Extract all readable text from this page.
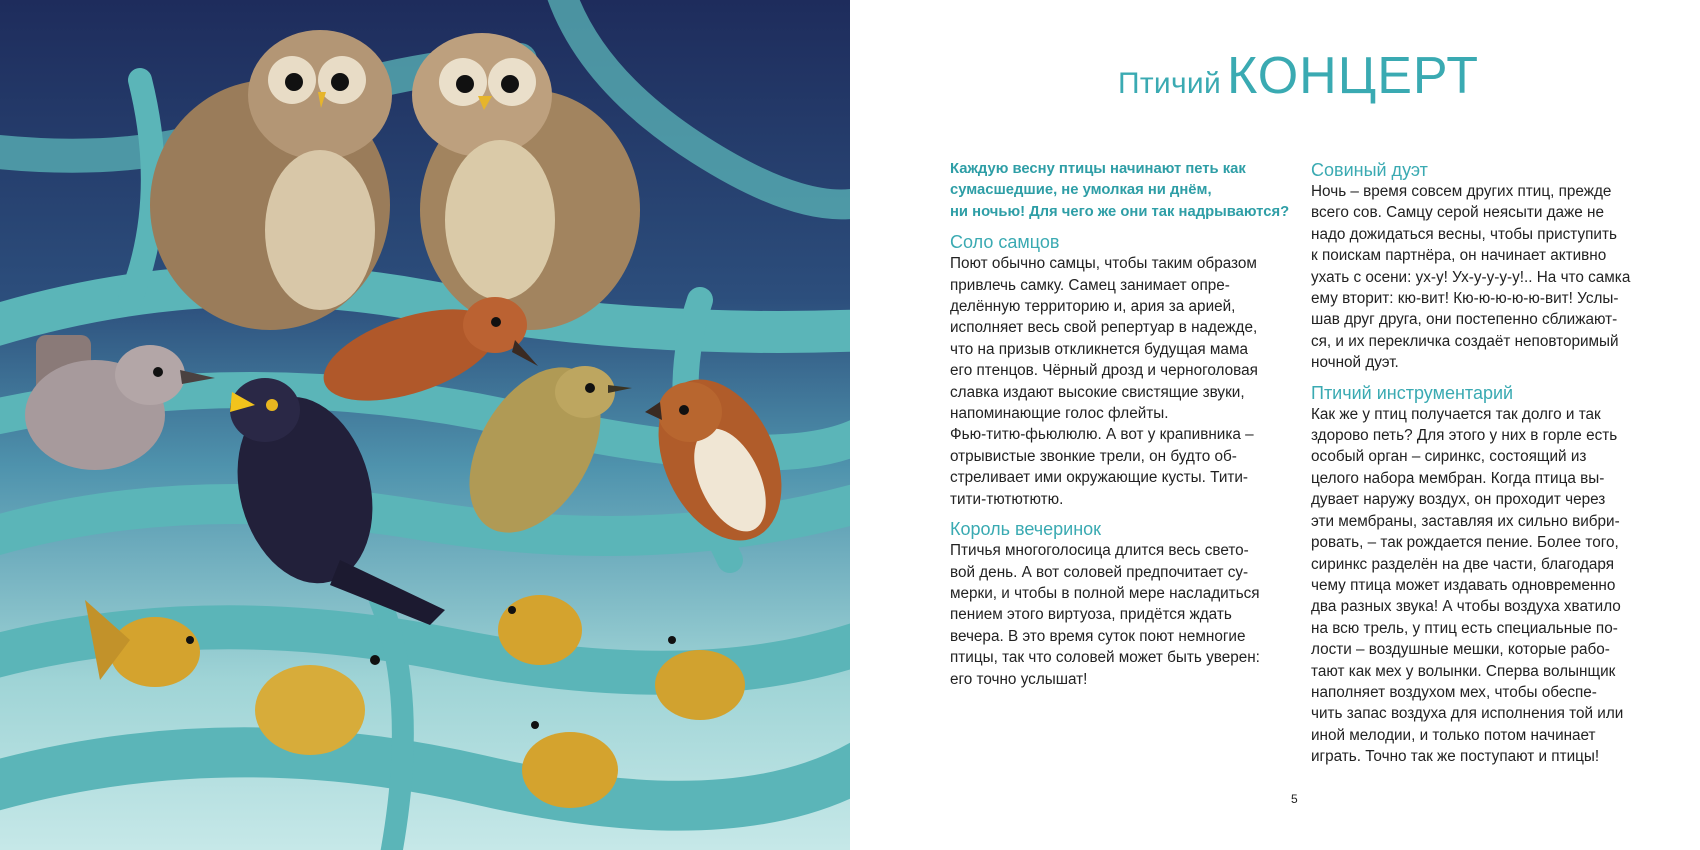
Птичий КОНЦЕРТ

Каждую весну птицы начинают петь как
сумасшедшие, не умолкая ни днём,
ни ночью! Для чего же они так надрываются?

Соло самцов

Поют обычно самцы, чтобы таким образом
привлечь самку. Самец занимает опре-
делённую территорию и, ария за арией,
исполняет весь свой репертуар в надежде,
что на призыв откликнется будущая мама
его птенцов. Чёрный дрозд и черноголовая
славка издают высокие свистящие звуки,
напоминающие голос флейты.
Фью-титю-фьюлюлю. А вот у крапивника –
отрывистые звонкие трели, он будто об-
стреливает ими окружающие кусты. Тити-
тити-тютютютю.

Король вечеринок

Птичья многоголосица длится весь свето-
вой день. А вот соловей предпочитает су-
мерки, и чтобы в полной мере насладиться
пением этого виртуоза, придётся ждать
вечера. В это время суток поют немногие
птицы, так что соловей может быть уверен:
его точно услышат!

Совиный дуэт

Ночь – время совсем других птиц, прежде
всего сов. Самцу серой неясыти даже не
надо дожидаться весны, чтобы приступить
к поискам партнёра, он начинает активно
ухать с осени: ух-у! Ух-у-у-у-у!.. На что самка
ему вторит: кю-вит! Кю-ю-ю-ю-ю-вит! Услы-
шав друг друга, они постепенно сближают-
ся, и их перекличка создаёт неповторимый
ночной дуэт.

Птичий инструментарий

Как же у птиц получается так долго и так
здорово петь? Для этого у них в горле есть
особый орган – сиринкс, состоящий из
целого набора мембран. Когда птица вы-
дувает наружу воздух, он проходит через
эти мембраны, заставляя их сильно вибри-
ровать, – так рождается пение. Более того,
сиринкс разделён на две части, благодаря
чему птица может издавать одновременно
два разных звука! А чтобы воздуха хватило
на всю трель, у птиц есть специальные по-
лости – воздушные мешки, которые рабо-
тают как мех у волынки. Сперва волынщик
наполняет воздухом мех, чтобы обеспе-
чить запас воздуха для исполнения той или
иной мелодии, и только потом начинает
играть. Точно так же поступают и птицы!

5
